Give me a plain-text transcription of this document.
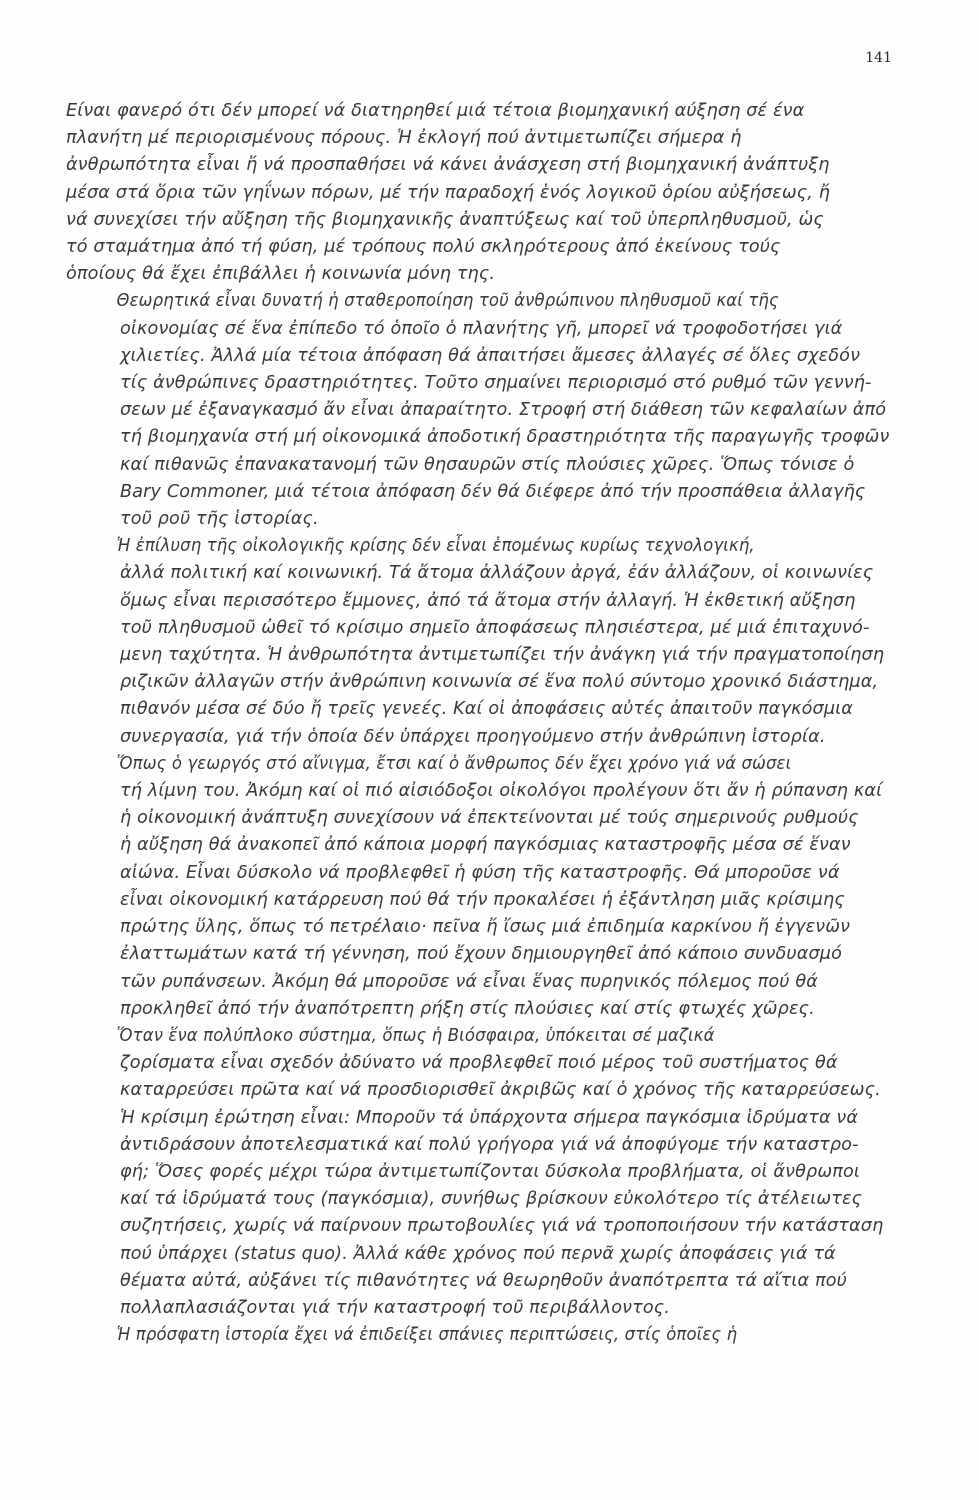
141
Είναι φανερό ότι δέν μπορεί νά διατηρηθεί μιά τέτοια βιομηχανική αύξηση σέ ένα
πλανήτη μέ περιορισμένους πόρους. Ἡ ἐκλογή πού ἀντιμετωπίζει σήμερα ἡ
ἀνθρωπότητα εἶναι ἤ νά προσπαθήσει νά κάνει ἀνάσχεση στή βιομηχανική ἀνάπτυξη
μέσα στά ὅρια τῶν γηΐνων πόρων, μέ τήν παραδοχή ἑνός λογικοῦ ὁρίου αὐξήσεως, ἤ
νά συνεχίσει τήν αὔξηση τῆς βιομηχανικῆς ἀναπτύξεως καί τοῦ ὑπερπληθυσμοῦ, ὡς
τό σταμάτημα ἀπό τή φύση, μέ τρόπους πολύ σκληρότερους ἀπό ἐκείνους τούς
ὁποίους θά ἔχει ἐπιβάλλει ἡ κοινωνία μόνη της.
Θεωρητικά εἶναι δυνατή ἡ σταθεροποίηση τοῦ ἀνθρώπινου πληθυσμοῦ καί τῆς
οἰκονομίας σέ ἕνα ἐπίπεδο τό ὁποῖο ὁ πλανήτης γῆ, μπορεῖ νά τροφοδοτήσει γιά
χιλιετίες. Ἀλλά μία τέτοια ἀπόφαση θά ἀπαιτήσει ἄμεσες ἀλλαγές σέ ὅλες σχεδόν
τίς ἀνθρώπινες δραστηριότητες. Τοῦτο σημαίνει περιορισμό στό ρυθμό τῶν γεννή-
σεων μέ ἐξαναγκασμό ἄν εἶναι ἀπαραίτητο. Στροφή στή διάθεση τῶν κεφαλαίων ἀπό
τή βιομηχανία στή μή οἰκονομικά ἀποδοτική δραστηριότητα τῆς παραγωγῆς τροφῶν
καί πιθανῶς ἐπανακατανομή τῶν θησαυρῶν στίς πλούσιες χῶρες. Ὅπως τόνισε ὁ
Bary Commoner, μιά τέτοια ἀπόφαση δέν θά διέφερε ἀπό τήν προσπάθεια ἀλλαγῆς
τοῦ ροῦ τῆς ἱστορίας.
Ἡ ἐπίλυση τῆς οἰκολογικῆς κρίσης δέν εἶναι ἑπομένως κυρίως τεχνολογική,
ἀλλά πολιτική καί κοινωνική. Τά ἄτομα ἀλλάζουν ἀργά, ἐάν ἀλλάζουν, οἱ κοινωνίες
ὅμως εἶναι περισσότερο ἔμμονες, ἀπό τά ἄτομα στήν ἀλλαγή. Ἡ ἐκθετική αὔξηση
τοῦ πληθυσμοῦ ὠθεῖ τό κρίσιμο σημεῖο ἀποφάσεως πλησιέστερα, μέ μιά ἐπιταχυνό-
μενη ταχύτητα. Ἡ ἀνθρωπότητα ἀντιμετωπίζει τήν ἀνάγκη γιά τήν πραγματοποίηση
ριζικῶν ἀλλαγῶν στήν ἀνθρώπινη κοινωνία σέ ἕνα πολύ σύντομο χρονικό διάστημα,
πιθανόν μέσα σέ δύο ἤ τρεῖς γενεές. Καί οἱ ἀποφάσεις αὐτές ἀπαιτοῦν παγκόσμια
συνεργασία, γιά τήν ὁποία δέν ὑπάρχει προηγούμενο στήν ἀνθρώπινη ἱστορία.
Ὅπως ὁ γεωργός στό αἴνιγμα, ἔτσι καί ὁ ἄνθρωπος δέν ἔχει χρόνο γιά νά σώσει
τή λίμνη του. Ἀκόμη καί οἱ πιό αἰσιόδοξοι οἰκολόγοι προλέγουν ὅτι ἄν ἡ ρύπανση καί
ἡ οἰκονομική ἀνάπτυξη συνεχίσουν νά ἐπεκτείνονται μέ τούς σημερινούς ρυθμούς
ἡ αὔξηση θά ἀνακοπεῖ ἀπό κάποια μορφή παγκόσμιας καταστροφῆς μέσα σέ ἕναν
αἰώνα. Εἶναι δύσκολο νά προβλεφθεῖ ἡ φύση τῆς καταστροφῆς. Θά μποροῦσε νά
εἶναι οἰκονομική κατάρρευση πού θά τήν προκαλέσει ἡ ἐξάντληση μιᾶς κρίσιμης
πρώτης ὕλης, ὅπως τό πετρέλαιο· πεῖνα ἤ ἴσως μιά ἐπιδημία καρκίνου ἤ ἐγγενῶν
ἐλαττωμάτων κατά τή γέννηση, πού ἔχουν δημιουργηθεῖ ἀπό κάποιο συνδυασμό
τῶν ρυπάνσεων. Ἀκόμη θά μποροῦσε νά εἶναι ἕνας πυρηνικός πόλεμος πού θά
προκληθεῖ ἀπό τήν ἀναπότρεπτη ρήξη στίς πλούσιες καί στίς φτωχές χῶρες.
Ὅταν ἕνα πολύπλοκο σύστημα, ὅπως ἡ Βιόσφαιρα, ὑπόκειται σέ μαζικά
ζορίσματα εἶναι σχεδόν ἀδύνατο νά προβλεφθεῖ ποιό μέρος τοῦ συστήματος θά
καταρρεύσει πρῶτα καί νά προσδιορισθεῖ ἀκριβῶς καί ὁ χρόνος τῆς καταρρεύσεως.
Ἡ κρίσιμη ἐρώτηση εἶναι: Μποροῦν τά ὑπάρχοντα σήμερα παγκόσμια ἱδρύματα νά
ἀντιδράσουν ἀποτελεσματικά καί πολύ γρήγορα γιά νά ἀποφύγομε τήν καταστρο-
φή; Ὅσες φορές μέχρι τώρα ἀντιμετωπίζονται δύσκολα προβλήματα, οἱ ἄνθρωποι
καί τά ἱδρύματά τους (παγκόσμια), συνήθως βρίσκουν εὐκολότερο τίς ἀτέλειωτες
συζητήσεις, χωρίς νά παίρνουν πρωτοβουλίες γιά νά τροποποιήσουν τήν κατάσταση
πού ὑπάρχει (status quo). Ἀλλά κάθε χρόνος πού περνᾶ χωρίς ἀποφάσεις γιά τά
θέματα αὐτά, αὐξάνει τίς πιθανότητες νά θεωρηθοῦν ἀναπότρεπτα τά αἴτια πού
πολλαπλασιάζονται γιά τήν καταστροφή τοῦ περιβάλλοντος.
Ἡ πρόσφατη ἱστορία ἔχει νά ἐπιδείξει σπάνιες περιπτώσεις, στίς ὁποῖες ἡ
